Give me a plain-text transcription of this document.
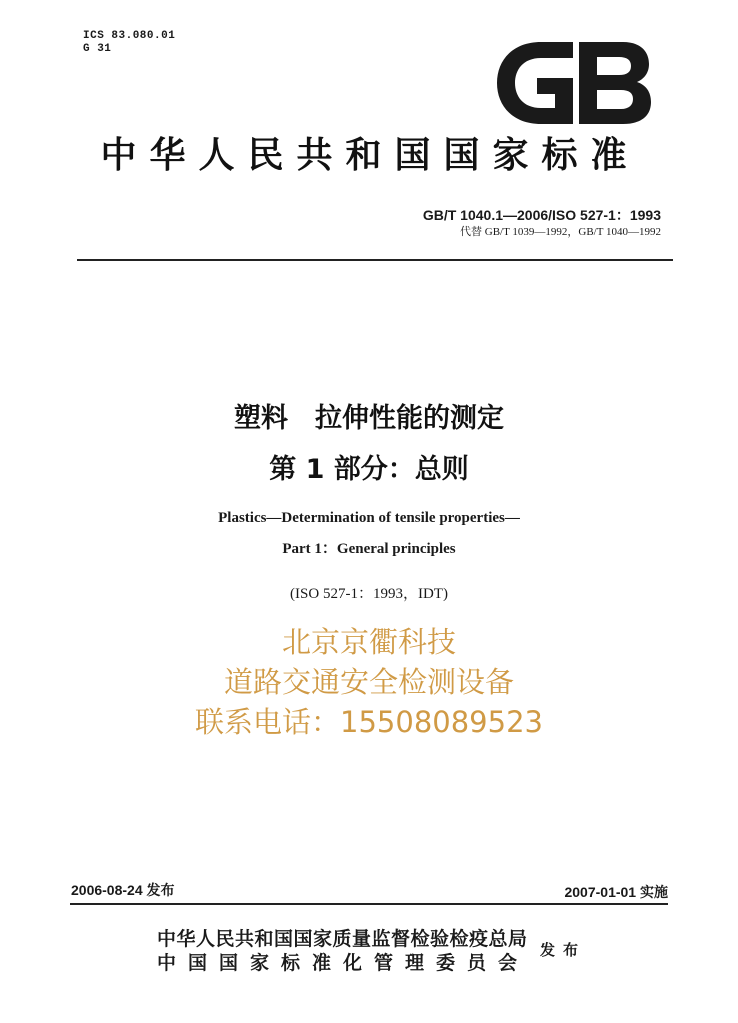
ICS 83.080.01
G 31
中华人民共和国国家标准
GB/T 1040.1—2006/ISO 527-1：1993
代替 GB/T 1039—1992，GB/T 1040—1992
塑料　拉伸性能的测定
第 1 部分：总则
Plastics—Determination of tensile properties—
Part 1：General principles
(ISO 527-1：1993，IDT)
北京京衢科技
道路交通安全检测设备
联系电话：15508089523
2006-08-24 发布	2007-01-01 实施
中华人民共和国国家质量监督检验检疫总局
中国国家标准化管理委员会
发布
